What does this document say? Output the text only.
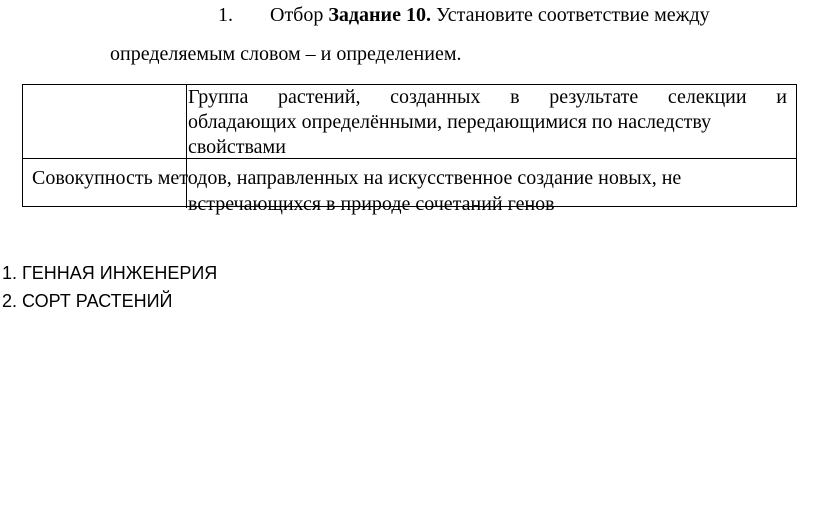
1. Отбор Задание 10. Установите соответствие между
определяемым словом – и определением.
Группа растений, созданных в результате селекции и
обладающих определёнными, передающимися по наследству
свойствами
Совокупность методов, направленных на искусственное создание новых, не
встречающихся в природе сочетаний генов
1. ГЕННАЯ ИНЖЕНЕРИЯ
2. СОРТ РАСТЕНИЙ
